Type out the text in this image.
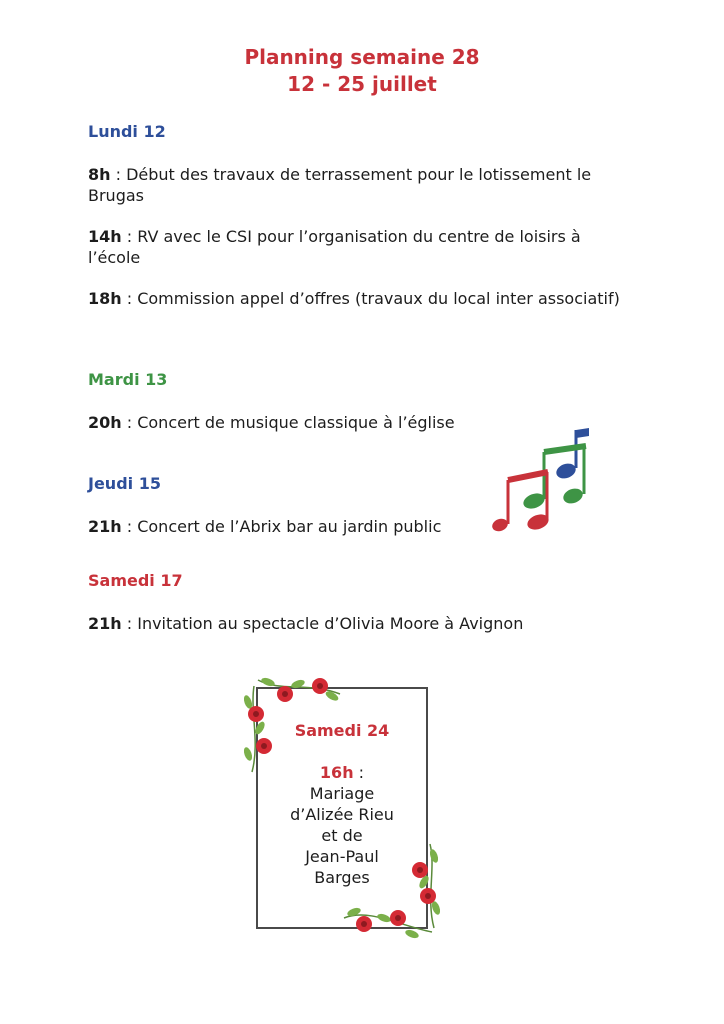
Planning semaine 28
12 - 25 juillet
Lundi 12
8h : Début des travaux de terrassement pour le lotissement le Brugas
14h : RV avec le CSI pour l’organisation du centre de loisirs à l’école
18h : Commission appel d’offres (travaux du local inter associatif)
Mardi 13
20h : Concert de musique classique à l’église
Jeudi 15
21h : Concert de l’Abrix bar au jardin public
Samedi 17
21h : Invitation au spectacle d’Olivia Moore à Avignon
Samedi 24
16h :
Mariage
d’Alizée Rieu
et de
Jean-Paul
Barges
